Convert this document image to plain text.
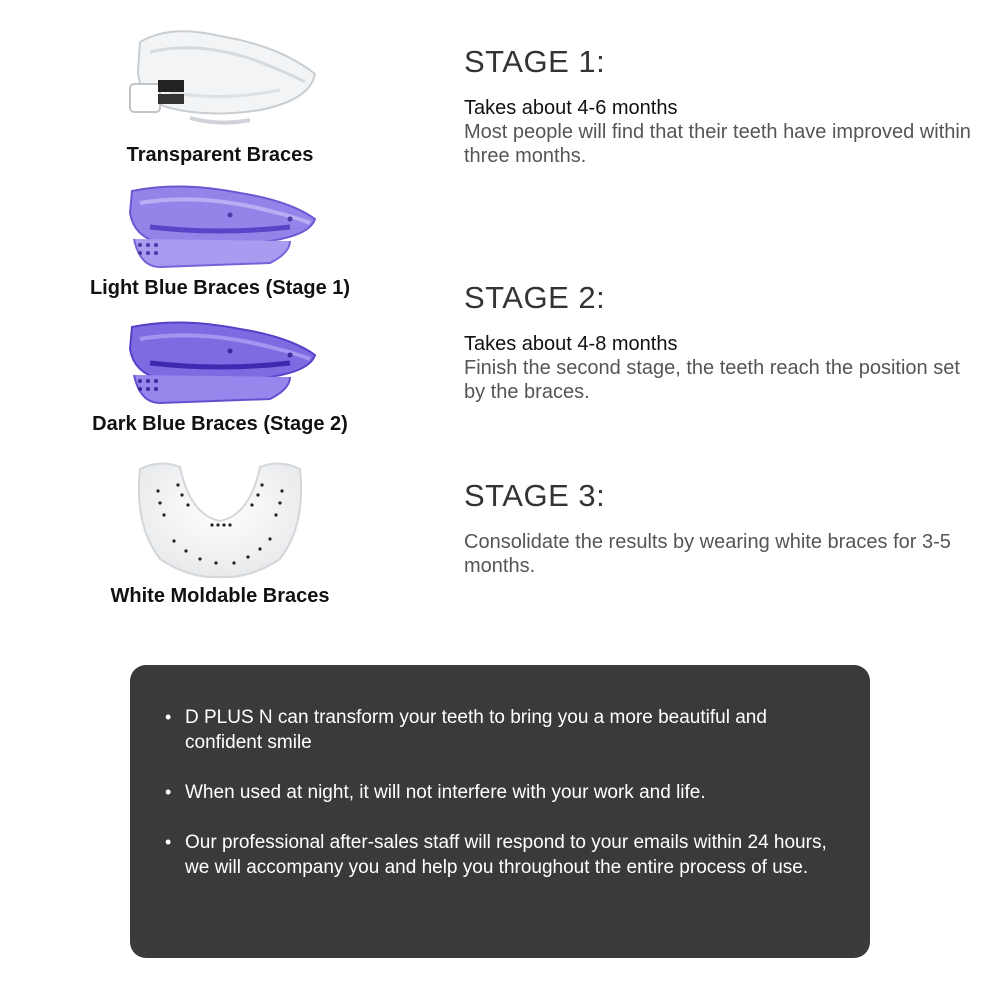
Transparent Braces
Light Blue Braces (Stage 1)
Dark Blue Braces (Stage 2)
White Moldable Braces
STAGE 1:
Takes about 4-6 months
Most people will find that their teeth have improved within three months.
STAGE 2:
Takes about 4-8 months
Finish the second stage, the teeth reach the position set by the braces.
STAGE 3:
Consolidate the results by wearing white braces for 3-5 months.
• D PLUS N can transform your teeth to bring you a more beautiful and confident smile
• When used at night, it will not interfere with your work and life.
• Our professional after-sales staff will respond to your emails within 24 hours, we will accompany you and help you throughout the entire process of use.
